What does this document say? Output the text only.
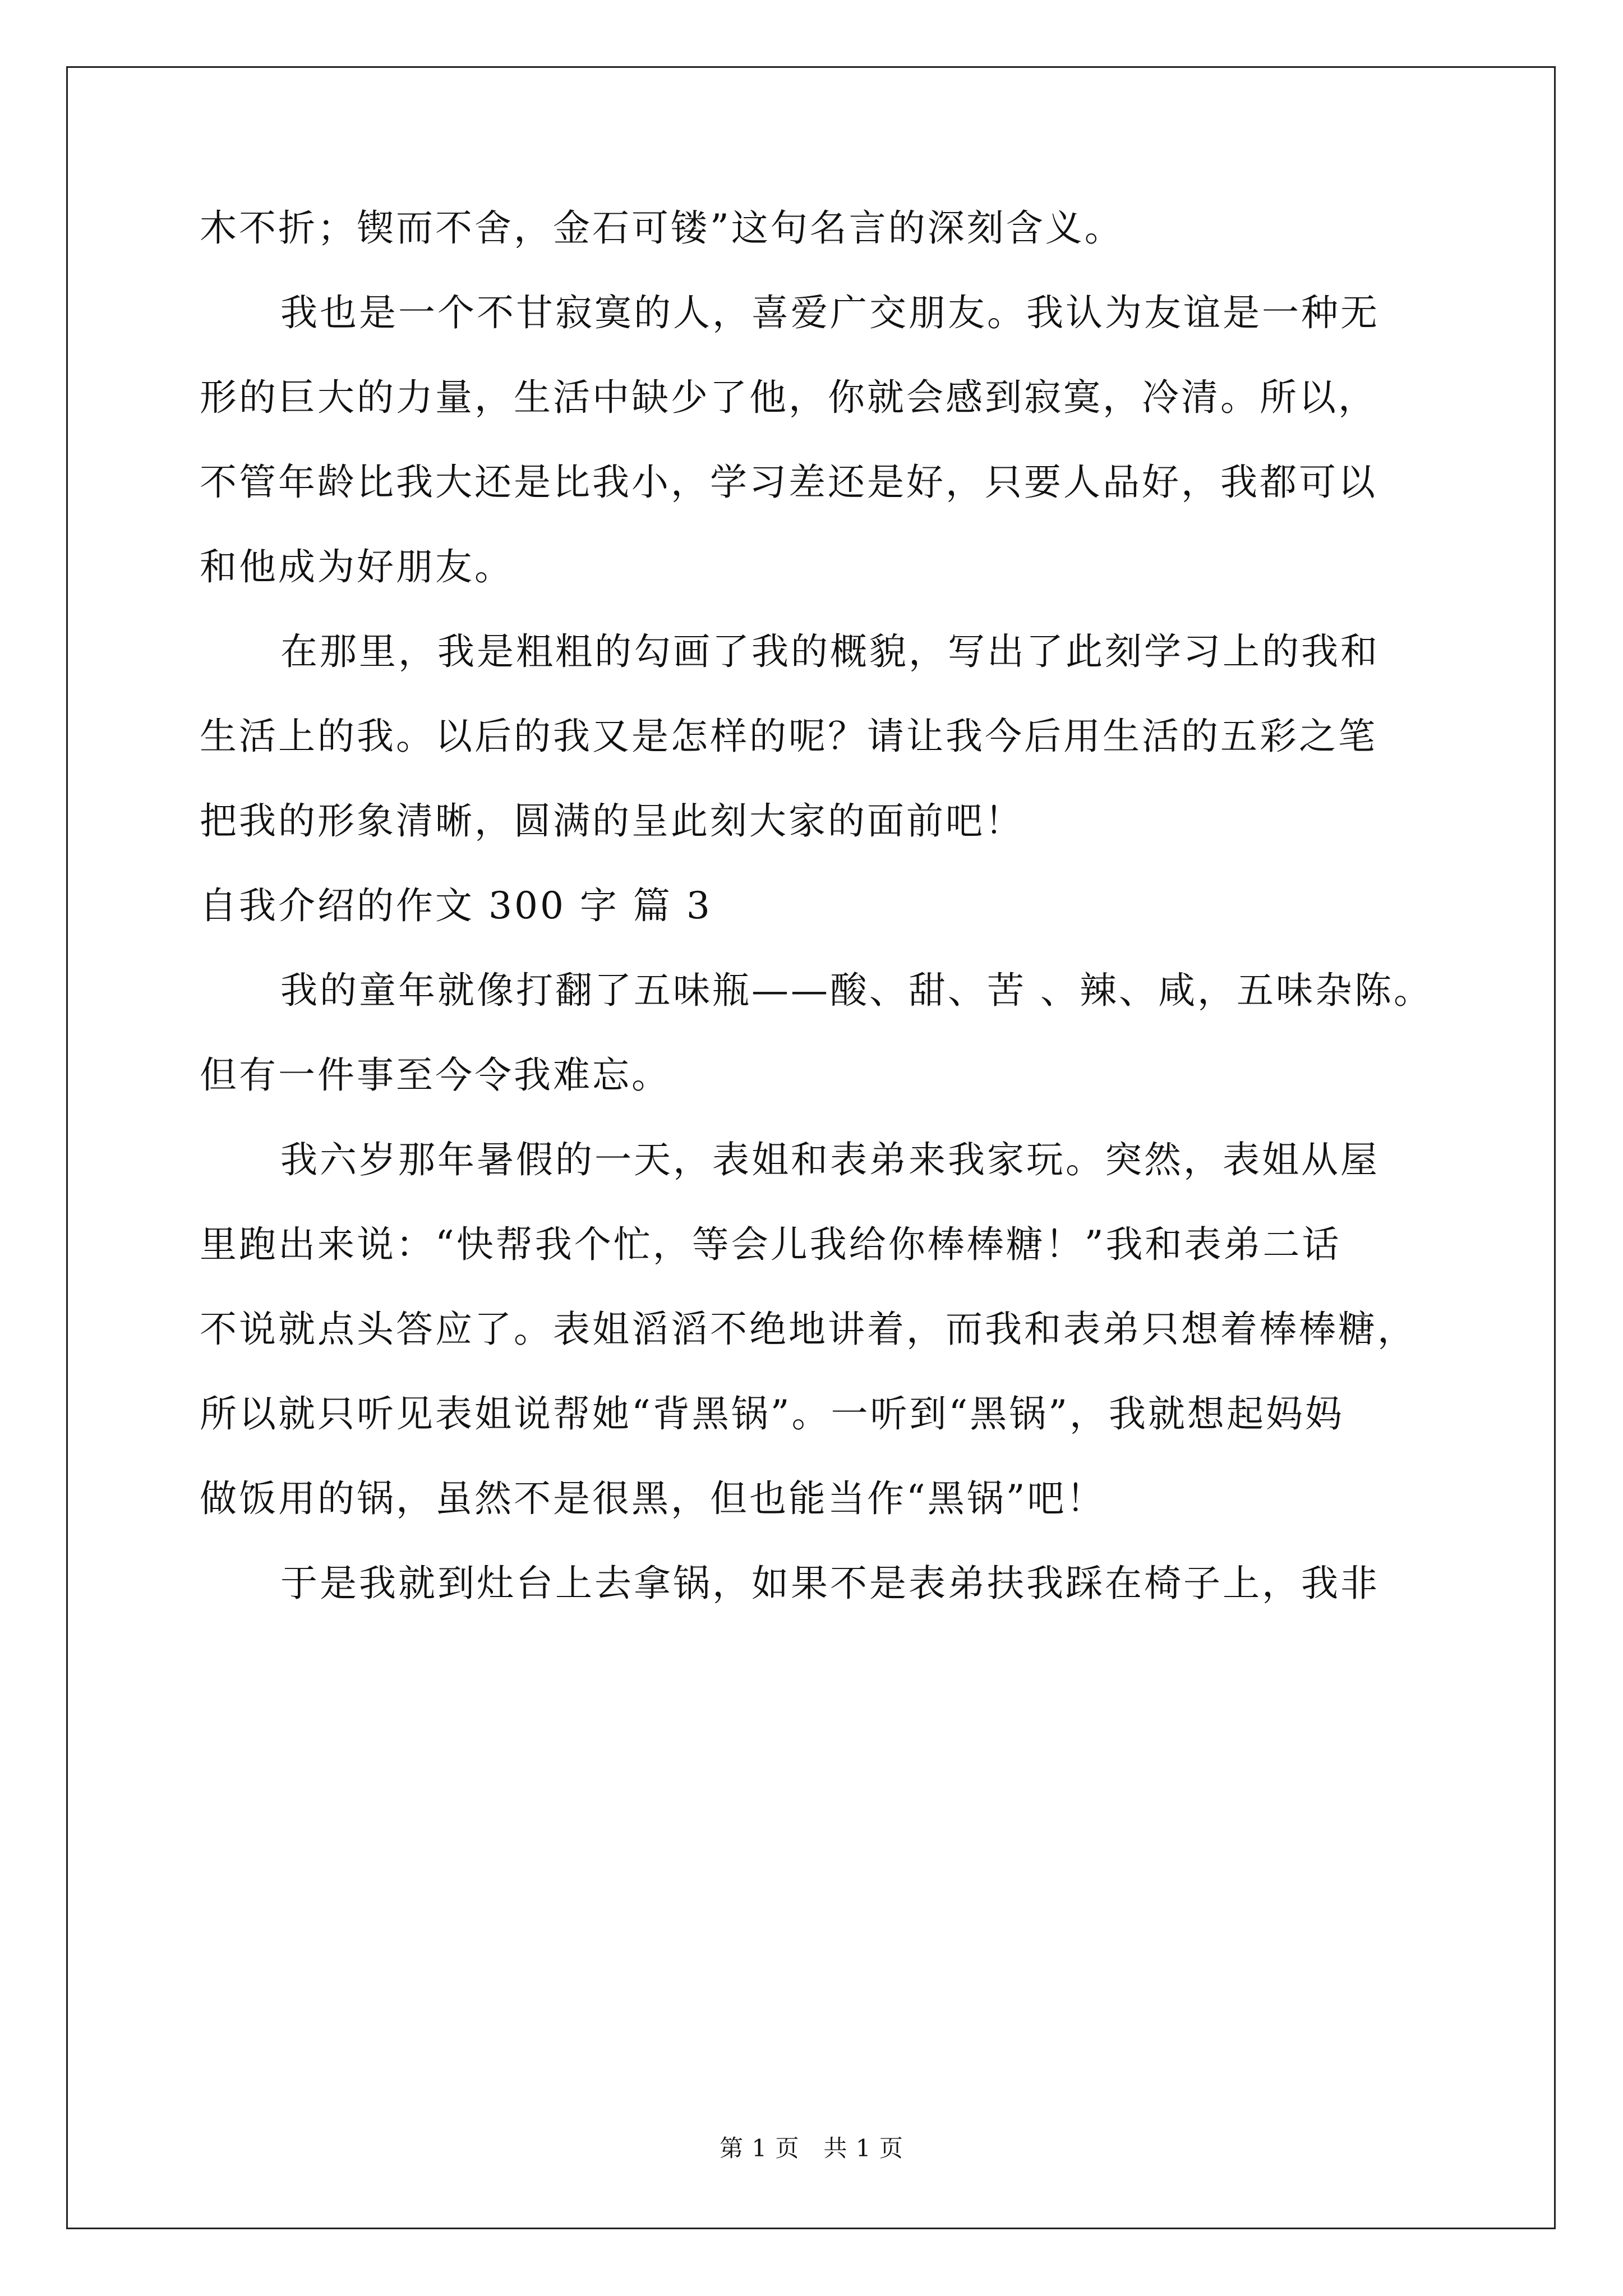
木不折；锲而不舍，金石可镂”这句名言的深刻含义。
我也是一个不甘寂寞的人，喜爱广交朋友。我认为友谊是一种无
形的巨大的力量，生活中缺少了他，你就会感到寂寞，冷清。所以，
不管年龄比我大还是比我小，学习差还是好，只要人品好，我都可以
和他成为好朋友。
在那里，我是粗粗的勾画了我的概貌，写出了此刻学习上的我和
生活上的我。以后的我又是怎样的呢？请让我今后用生活的五彩之笔
把我的形象清晰，圆满的呈此刻大家的面前吧！
自我介绍的作文 300 字 篇 3
我的童年就像打翻了五味瓶——酸、甜、苦 、辣、咸，五味杂陈。
但有一件事至今令我难忘。
我六岁那年暑假的一天，表姐和表弟来我家玩。突然，表姐从屋
里跑出来说：“快帮我个忙，等会儿我给你棒棒糖！”我和表弟二话
不说就点头答应了。表姐滔滔不绝地讲着，而我和表弟只想着棒棒糖，
所以就只听见表姐说帮她“背黑锅”。一听到“黑锅”，我就想起妈妈
做饭用的锅，虽然不是很黑，但也能当作“黑锅”吧！
于是我就到灶台上去拿锅，如果不是表弟扶我踩在椅子上，我非
第 1 页　共 1 页
